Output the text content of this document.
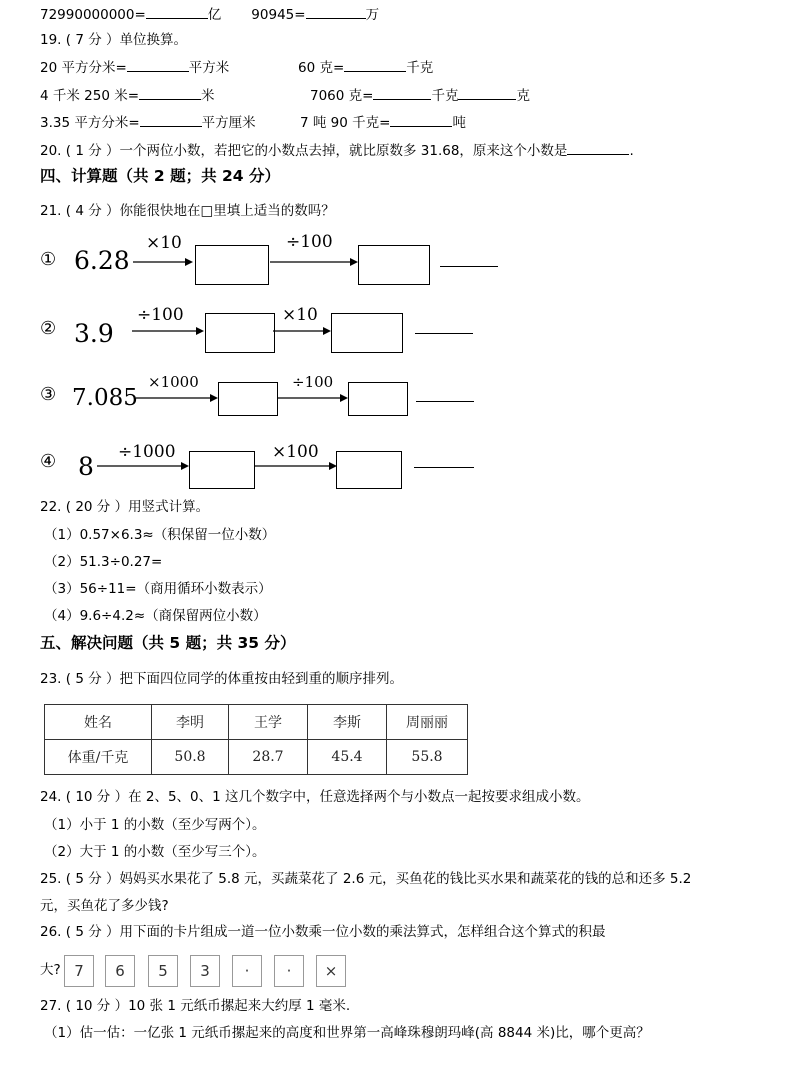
72990000000=	亿 90945=	万
19. ( 7 分 ）单位换算。
20 平方分米=	平方米	60 克=	千克
4 千米 250 米=	米	7060 克=	千克	克
3.35 平方分米=	平方厘米	7 吨 90 千克=	吨
20. ( 1 分 ）一个两位小数，若把它的小数点去掉，就比原数多 31.68，原来这个小数是	.
四、计算题（共 2 题；共 24 分）
21. ( 4 分 ）你能很快地在□里填上适当的数吗？
① 6.28
×10	÷100
② 3.9
÷100	×10
③ 7.085
×1000	÷100
④ 8 ÷1000	×100
22. ( 20 分 ）用竖式计算。
（1）0.57×6.3≈（积保留一位小数）
（2）51.3÷0.27=
（3）56÷11=（商用循环小数表示）
（4）9.6÷4.2≈（商保留两位小数）
五、解决问题（共 5 题；共 35 分）
23. ( 5 分 ）把下面四位同学的体重按由轻到重的顺序排列。
姓名	李明	王学	李斯	周丽丽
体重/千克	50.8	28.7	45.4	55.8
24. ( 10 分 ）在 2、5、0、1 这几个数字中，任意选择两个与小数点一起按要求组成小数。
（1）小于 1 的小数（至少写两个）。
（2）大于 1 的小数（至少写三个）。
25. ( 5 分 ）妈妈买水果花了 5.8 元，买蔬菜花了 2.6 元，买鱼花的钱比买水果和蔬菜花的钱的总和还多 5.2
元，买鱼花了多少钱?
26. ( 5 分 ）用下面的卡片组成一道一位小数乘一位小数的乘法算式，怎样组合这个算式的积最
大? 7	6	5	3	·	·	×
27. ( 10 分 ）10 张 1 元纸币摞起来大约厚 1 毫米.
（1）估一估：一亿张 1 元纸币摞起来的高度和世界第一高峰珠穆朗玛峰(高 8844 米)比，哪个更高？
